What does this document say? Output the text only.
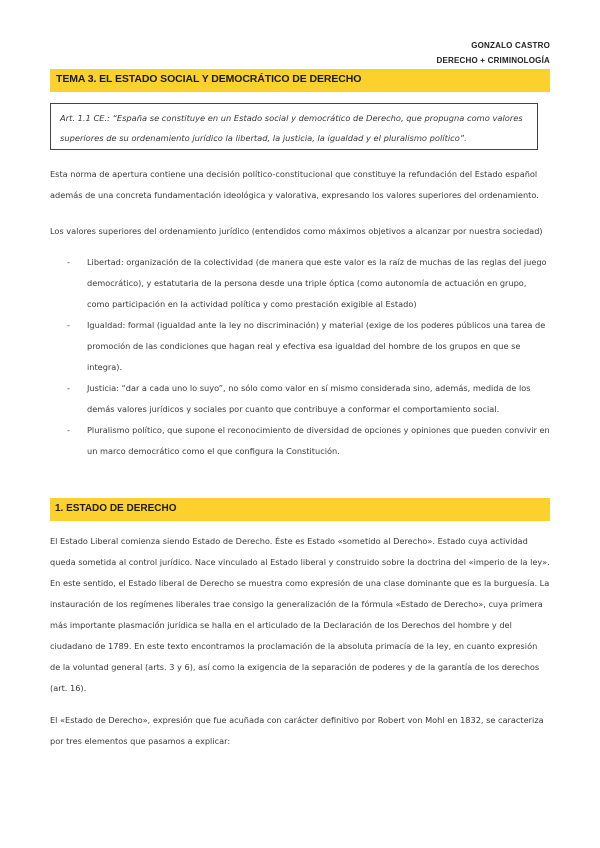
GONZALO CASTRO
DERECHO + CRIMINOLOGÍA
TEMA 3. EL ESTADO SOCIAL Y DEMOCRÁTICO DE DERECHO
Art. 1.1 CE.: “España se constituye en un Estado social y democrático de Derecho, que propugna como valores superiores de su ordenamiento jurídico la libertad, la justicia, la igualdad y el pluralismo político”.

Esta norma de apertura contiene una decisión político-constitucional que constituye la refundación del Estado español además de una concreta fundamentación ideológica y valorativa, expresando los valores superiores del ordenamiento.

Los valores superiores del ordenamiento jurídico (entendidos como máximos objetivos a alcanzar por nuestra sociedad)

- Libertad: organización de la colectividad (de manera que este valor es la raíz de muchas de las reglas del juego democrático), y estatutaria de la persona desde una triple óptica (como autonomía de actuación en grupo, como participación en la actividad política y como prestación exigible al Estado)
- Igualdad: formal (igualdad ante la ley no discriminación) y material (exige de los poderes públicos una tarea de promoción de las condiciones que hagan real y efectiva esa igualdad del hombre de los grupos en que se integra).
- Justicia: “dar a cada uno lo suyo”, no sólo como valor en sí mismo considerada sino, además, medida de los demás valores jurídicos y sociales por cuanto que contribuye a conformar el comportamiento social.
- Pluralismo político, que supone el reconocimiento de diversidad de opciones y opiniones que pueden convivir en un marco democrático como el que configura la Constitución.
1. ESTADO DE DERECHO

El Estado Liberal comienza siendo Estado de Derecho. Éste es Estado «sometido al Derecho». Estado cuya actividad queda sometida al control jurídico. Nace vinculado al Estado liberal y construido sobre la doctrina del «imperio de la ley». En este sentido, el Estado liberal de Derecho se muestra como expresión de una clase dominante que es la burguesía. La instauración de los regímenes liberales trae consigo la generalización de la fórmula «Estado de Derecho», cuya primera más importante plasmación jurídica se halla en el articulado de la Declaración de los Derechos del hombre y del ciudadano de 1789. En este texto encontramos la proclamación de la absoluta primacía de la ley, en cuanto expresión de la voluntad general (arts. 3 y 6), así como la exigencia de la separación de poderes y de la garantía de los derechos (art. 16).

El «Estado de Derecho», expresión que fue acuñada con carácter definitivo por Robert von Mohl en 1832, se caracteriza por tres elementos que pasamos a explicar:
